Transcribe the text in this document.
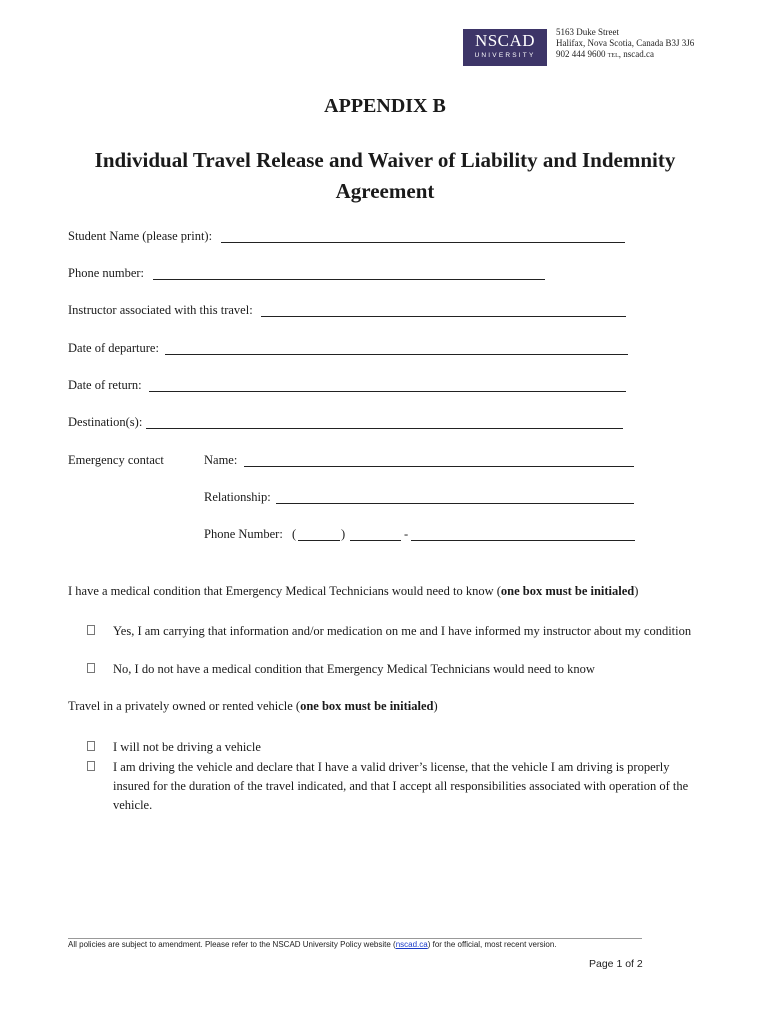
NSCAD
UNIVERSITY
5163 Duke Street
Halifax, Nova Scotia, Canada B3J 3J6
902 444 9600 tel, nscad.ca
APPENDIX B
Individual Travel Release and Waiver of Liability and Indemnity
Agreement
Student Name (please print):
Phone number:
Instructor associated with this travel:
Date of departure:
Date of return:
Destination(s):
Emergency contact	Name:
Relationship:
Phone Number: (	)	-
I have a medical condition that Emergency Medical Technicians would need to know (one box must be initialed)
Yes, I am carrying that information and/or medication on me and I have informed my instructor about my condition
No, I do not have a medical condition that Emergency Medical Technicians would need to know
Travel in a privately owned or rented vehicle (one box must be initialed)
I will not be driving a vehicle
I am driving the vehicle and declare that I have a valid driver’s license, that the vehicle I am driving is properly insured for the duration of the travel indicated, and that I accept all responsibilities associated with operation of the vehicle.
All policies are subject to amendment. Please refer to the NSCAD University Policy website (nscad.ca) for the official, most recent version.
Page 1 of 2
